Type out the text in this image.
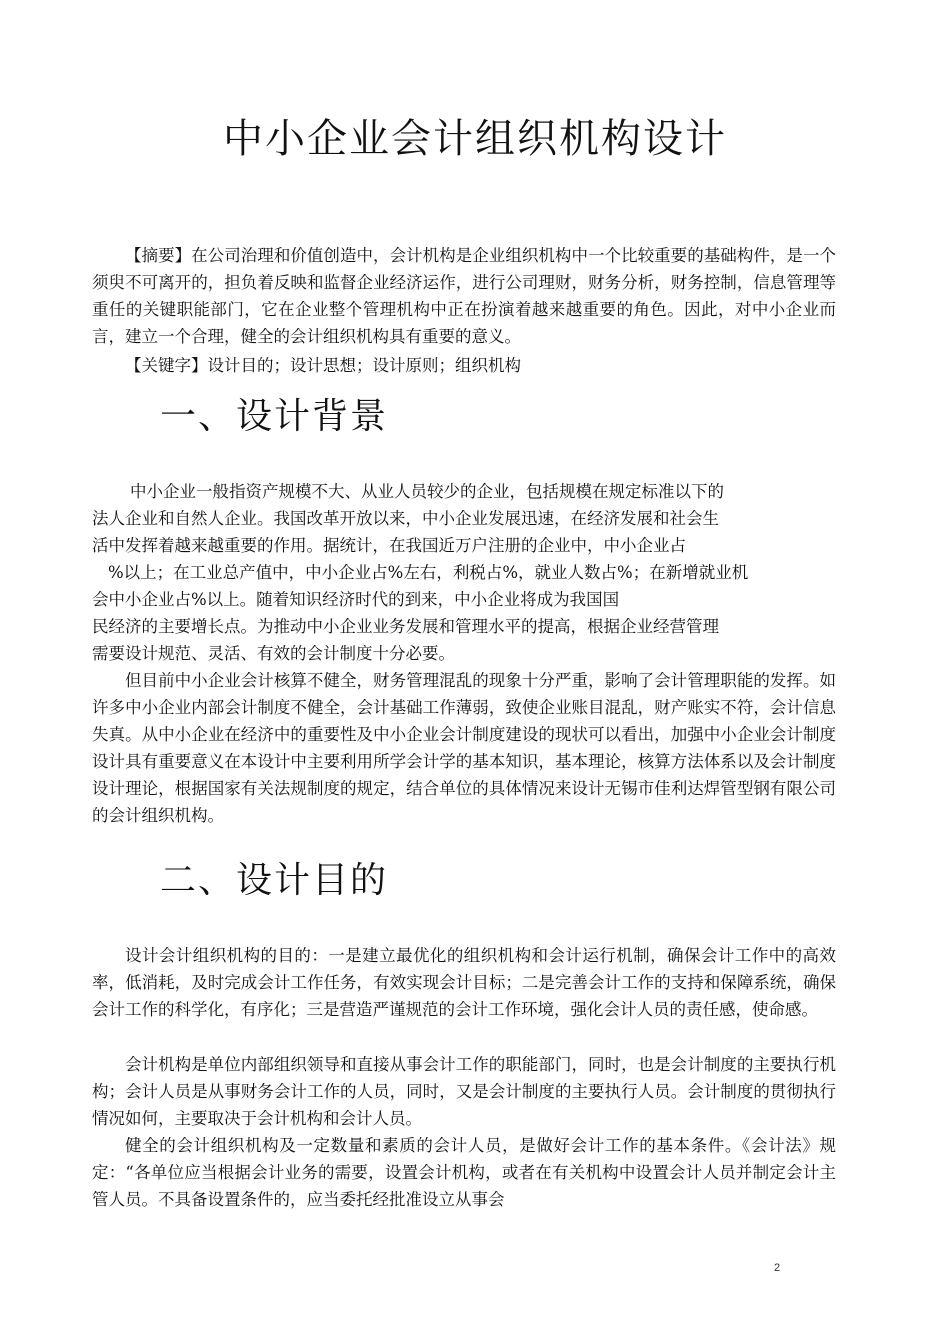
中小企业会计组织机构设计

【摘要】在公司治理和价值创造中，会计机构是企业组织机构中一个比较重要的基础构件，是一个须臾不可离开的，担负着反映和监督企业经济运作，进行公司理财，财务分析，财务控制，信息管理等重任的关键职能部门，它在企业整个管理机构中正在扮演着越来越重要的角色。因此，对中小企业而言，建立一个合理，健全的会计组织机构具有重要的意义。

【关键字】设计目的；设计思想；设计原则；组织机构

一、设计背景
中小企业一般指资产规模不大、从业人员较少的企业，包括规模在规定标准以下的
法人企业和自然人企业。我国改革开放以来，中小企业发展迅速，在经济发展和社会生
活中发挥着越来越重要的作用。据统计，在我国近万户注册的企业中，中小企业占
%以上；在工业总产值中，中小企业占%左右，利税占%，就业人数占%；在新增就业机
会中小企业占%以上。随着知识经济时代的到来，中小企业将成为我国国
民经济的主要增长点。为推动中小企业业务发展和管理水平的提高，根据企业经营管理
需要设计规范、灵活、有效的会计制度十分必要。

但目前中小企业会计核算不健全，财务管理混乱的现象十分严重，影响了会计管理职能的发挥。如许多中小企业内部会计制度不健全，会计基础工作薄弱，致使企业账目混乱，财产账实不符，会计信息失真。从中小企业在经济中的重要性及中小企业会计制度建设的现状可以看出，加强中小企业会计制度设计具有重要意义在本设计中主要利用所学会计学的基本知识，基本理论，核算方法体系以及会计制度设计理论，根据国家有关法规制度的规定，结合单位的具体情况来设计无锡市佳利达焊管型钢有限公司的会计组织机构。

二、设计目的

设计会计组织机构的目的：一是建立最优化的组织机构和会计运行机制，确保会计工作中的高效率，低消耗，及时完成会计工作任务，有效实现会计目标；二是完善会计工作的支持和保障系统，确保会计工作的科学化，有序化；三是营造严谨规范的会计工作环境，强化会计人员的责任感，使命感。

会计机构是单位内部组织领导和直接从事会计工作的职能部门，同时，也是会计制度的主要执行机构；会计人员是从事财务会计工作的人员，同时，又是会计制度的主要执行人员。会计制度的贯彻执行情况如何，主要取决于会计机构和会计人员。

健全的会计组织机构及一定数量和素质的会计人员，是做好会计工作的基本条件。《会计法》规定：“各单位应当根据会计业务的需要，设置会计机构，或者在有关机构中设置会计人员并制定会计主管人员。不具备设置条件的，应当委托经批准设立从事会

2
